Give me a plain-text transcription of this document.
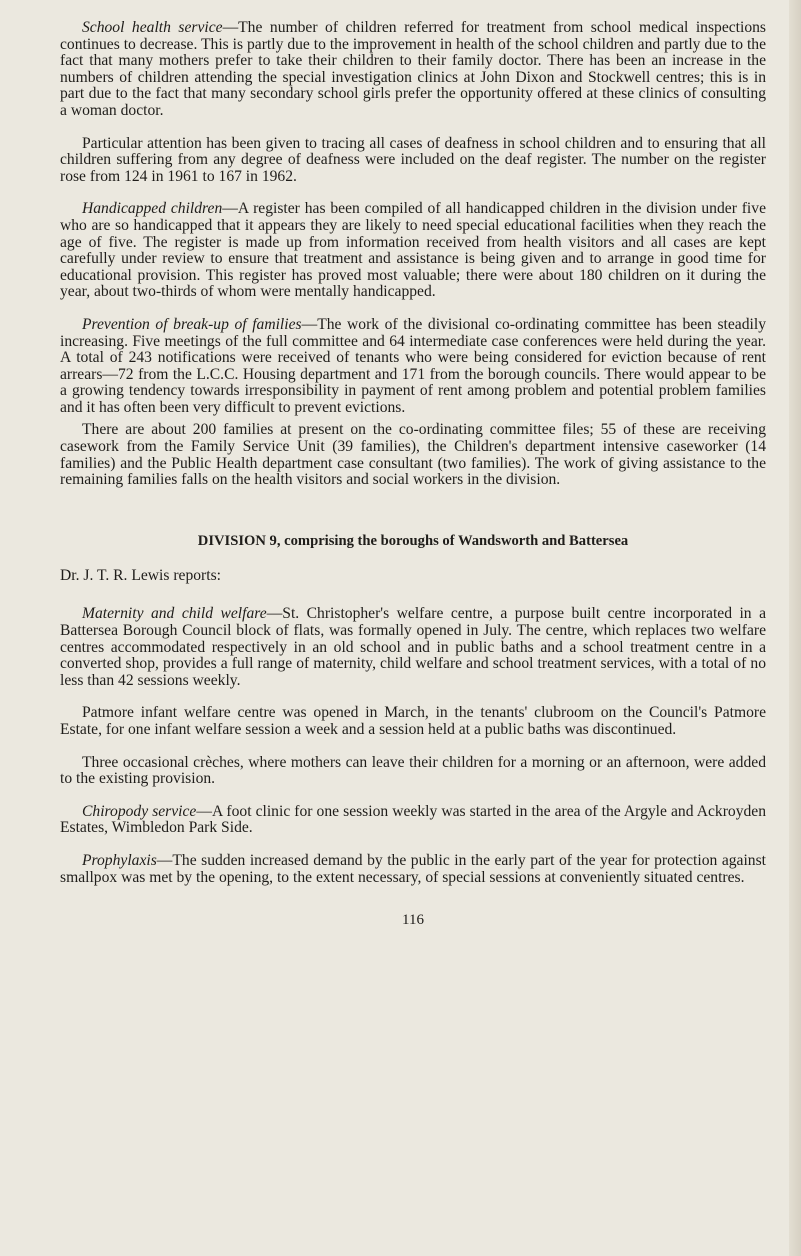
School health service—The number of children referred for treatment from school medical inspections continues to decrease. This is partly due to the improvement in health of the school children and partly due to the fact that many mothers prefer to take their children to their family doctor. There has been an increase in the numbers of children attending the special investigation clinics at John Dixon and Stockwell centres; this is in part due to the fact that many secondary school girls prefer the opportunity offered at these clinics of consulting a woman doctor.

Particular attention has been given to tracing all cases of deafness in school children and to ensuring that all children suffering from any degree of deafness were included on the deaf register. The number on the register rose from 124 in 1961 to 167 in 1962.

Handicapped children—A register has been compiled of all handicapped children in the division under five who are so handicapped that it appears they are likely to need special educational facilities when they reach the age of five. The register is made up from information received from health visitors and all cases are kept carefully under review to ensure that treatment and assistance is being given and to arrange in good time for educational provision. This register has proved most valuable; there were about 180 children on it during the year, about two-thirds of whom were mentally handicapped.

Prevention of break-up of families—The work of the divisional co-ordinating committee has been steadily increasing. Five meetings of the full committee and 64 intermediate case conferences were held during the year. A total of 243 notifications were received of tenants who were being considered for eviction because of rent arrears—72 from the L.C.C. Housing department and 171 from the borough councils. There would appear to be a growing tendency towards irresponsibility in payment of rent among problem and potential problem families and it has often been very difficult to prevent evictions.

There are about 200 families at present on the co-ordinating committee files; 55 of these are receiving casework from the Family Service Unit (39 families), the Children's department intensive caseworker (14 families) and the Public Health department case consultant (two families). The work of giving assistance to the remaining families falls on the health visitors and social workers in the division.

DIVISION 9, comprising the boroughs of Wandsworth and Battersea

Dr. J. T. R. Lewis reports:

Maternity and child welfare—St. Christopher's welfare centre, a purpose built centre incorporated in a Battersea Borough Council block of flats, was formally opened in July. The centre, which replaces two welfare centres accommodated respectively in an old school and in public baths and a school treatment centre in a converted shop, provides a full range of maternity, child welfare and school treatment services, with a total of no less than 42 sessions weekly.

Patmore infant welfare centre was opened in March, in the tenants' clubroom on the Council's Patmore Estate, for one infant welfare session a week and a session held at a public baths was discontinued.

Three occasional crèches, where mothers can leave their children for a morning or an afternoon, were added to the existing provision.

Chiropody service—A foot clinic for one session weekly was started in the area of the Argyle and Ackroyden Estates, Wimbledon Park Side.

Prophylaxis—The sudden increased demand by the public in the early part of the year for protection against smallpox was met by the opening, to the extent necessary, of special sessions at conveniently situated centres.

116
